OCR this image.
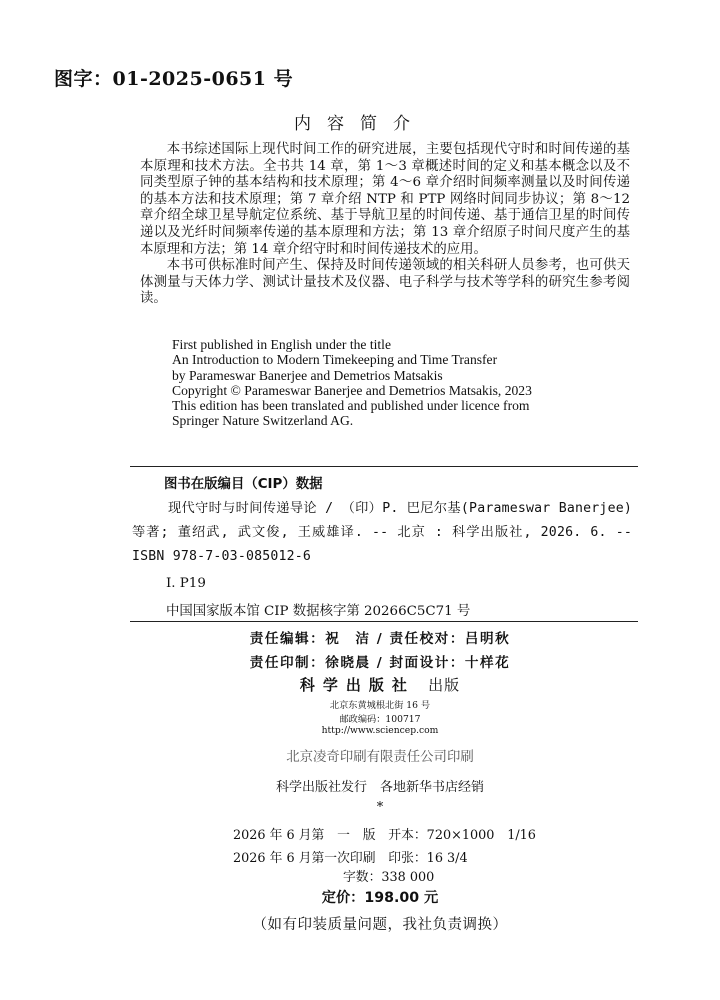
图字：01-2025-0651 号
内容简介

本书综述国际上现代时间工作的研究进展，主要包括现代守时和时间传递的基本原理和技术方法。全书共 14 章，第 1～3 章概述时间的定义和基本概念以及不同类型原子钟的基本结构和技术原理；第 4～6 章介绍时间频率测量以及时间传递的基本方法和技术原理；第 7 章介绍 NTP 和 PTP 网络时间同步协议；第 8～12 章介绍全球卫星导航定位系统、基于导航卫星的时间传递、基于通信卫星的时间传递以及光纤时间频率传递的基本原理和方法；第 13 章介绍原子时间尺度产生的基本原理和方法；第 14 章介绍守时和时间传递技术的应用。

本书可供标准时间产生、保持及时间传递领域的相关科研人员参考，也可供天体测量与天体力学、测试计量技术及仪器、电子科学与技术等学科的研究生参考阅读。

First published in English under the title
An Introduction to Modern Timekeeping and Time Transfer
by Parameswar Banerjee and Demetrios Matsakis
Copyright © Parameswar Banerjee and Demetrios Matsakis, 2023
This edition has been translated and published under licence from
Springer Nature Switzerland AG.
图书在版编目（CIP）数据

现代守时与时间传递导论 / （印）P. 巴尼尔基(Parameswar Banerjee)等著; 董绍武, 武文俊, 王威雄译. -- 北京 : 科学出版社, 2026. 6. -- ISBN 978-7-03-085012-6

Ⅰ. P19
中国国家版本馆 CIP 数据核字第 20266C5C71 号
责任编辑：祝　洁 / 责任校对：吕明秋
责任印制：徐晓晨 / 封面设计：十样花
科学出版社 出版
北京东黄城根北街 16 号
邮政编码：100717
http://www.sciencep.com
北京凌奇印刷有限责任公司印刷
科学出版社发行　各地新华书店经销
*
2026 年 6 月第　一　版　开本：720×1000　1/16
2026 年 6 月第一次印刷　印张：16 3/4
字数：338 000
定价：198.00 元
（如有印装质量问题，我社负责调换）
